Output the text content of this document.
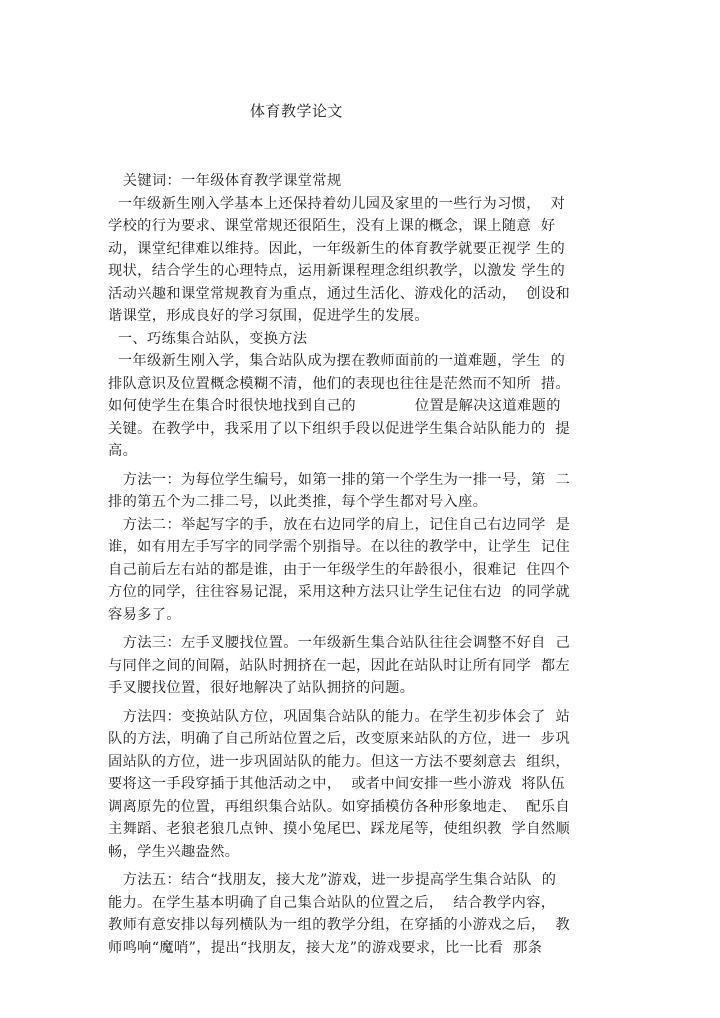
体育教学论文
关键词：一年级体育教学课堂常规
一年级新生刚入学基本上还保持着幼儿园及家里的一些行为习惯，  对
学校的行为要求、课堂常规还很陌生，没有上课的概念，课上随意  好
动，课堂纪律难以维持。因此，一年级新生的体育教学就要正视学 生的
现状，结合学生的心理特点，运用新课程理念组织教学，以激发 学生的
活动兴趣和课堂常规教育为重点，通过生活化、游戏化的活动，  创设和
谐课堂，形成良好的学习氛围，促进学生的发展。
一、巧练集合站队，变换方法
一年级新生刚入学，集合站队成为摆在教师面前的一道难题，学生  的
排队意识及位置概念模糊不清，他们的表现也往往是茫然而不知所  措。
如何使学生在集合时很快地找到自己的            位置是解决这道难题的
关键。在教学中，我采用了以下组织手段以促进学生集合站队能力的  提
高。
方法一：为每位学生编号，如第一排的第一个学生为一排一号，第  二
排的第五个为二排二号，以此类推，每个学生都对号入座。
方法二：举起写字的手，放在右边同学的肩上，记住自己右边同学  是
谁，如有用左手写字的同学需个别指导。在以往的教学中，让学生  记住
自己前后左右站的都是谁，由于一年级学生的年龄很小，很难记  住四个
方位的同学，往往容易记混，采用这种方法只让学生记住右边  的同学就
容易多了。
方法三：左手叉腰找位置。一年级新生集合站队往往会调整不好自  己
与同伴之间的间隔，站队时拥挤在一起，因此在站队时让所有同学  都左
手叉腰找位置，很好地解决了站队拥挤的问题。
方法四：变换站队方位，巩固集合站队的能力。在学生初步体会了  站
队的方法，明确了自己所站位置之后，改变原来站队的方位，进一  步巩
固站队的方位，进一步巩固站队的能力。但这一方法不要刻意去  组织，
要将这一手段穿插于其他活动之中，  或者中间安排一些小游戏  将队伍
调离原先的位置，再组织集合站队。如穿插模仿各种形象地走、  配乐自
主舞蹈、老狼老狼几点钟、摸小兔尾巴、踩龙尾等，使组织教  学自然顺
畅，学生兴趣盎然。
方法五：结合“找朋友，接大龙”游戏，进一步提高学生集合站队  的
能力。在学生基本明确了自己集合站队的位置之后，  结合教学内容，
教师有意安排以每列横队为一组的教学分组，在穿插的小游戏之后，  教
师鸣响“魔哨”，提出“找朋友，接大龙”的游戏要求，比一比看  那条
